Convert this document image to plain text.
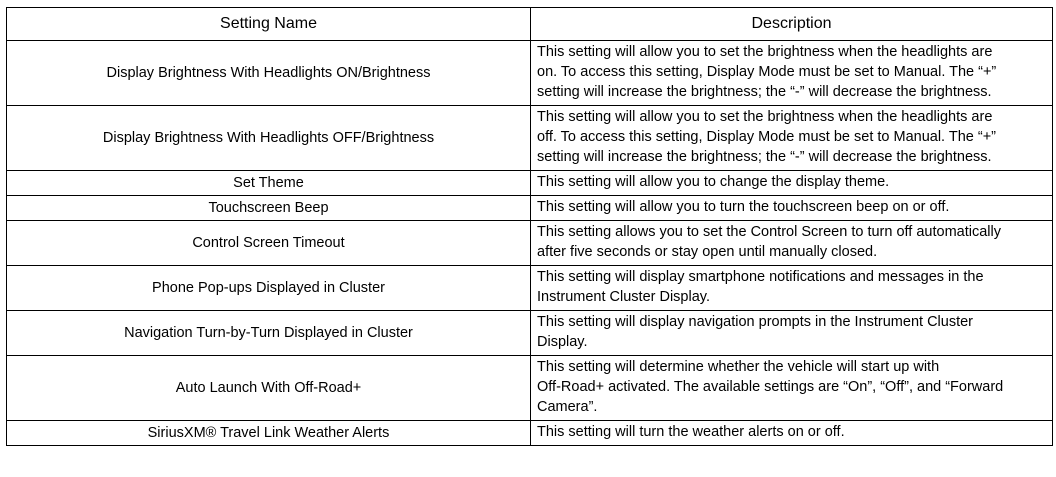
Setting Name	Description
Display Brightness With Headlights ON/Brightness	This setting will allow you to set the brightness when the headlights are
on. To access this setting, Display Mode must be set to Manual. The “+”
setting will increase the brightness; the “-” will decrease the brightness.

Display Brightness With Headlights OFF/Brightness	This setting will allow you to set the brightness when the headlights are
off. To access this setting, Display Mode must be set to Manual. The “+”
setting will increase the brightness; the “-” will decrease the brightness.

Set Theme	This setting will allow you to change the display theme.

Touchscreen Beep	This setting will allow you to turn the touchscreen beep on or off.

Control Screen Timeout	This setting allows you to set the Control Screen to turn off automatically
after five seconds or stay open until manually closed.

Phone Pop-ups Displayed in Cluster	This setting will display smartphone notifications and messages in the
Instrument Cluster Display.

Navigation Turn-by-Turn Displayed in Cluster	This setting will display navigation prompts in the Instrument Cluster
Display.

Auto Launch With Off-Road+	This setting will determine whether the vehicle will start up with
Off-Road+ activated. The available settings are “On”, “Off”, and “Forward
Camera”.

SiriusXM® Travel Link Weather Alerts	This setting will turn the weather alerts on or off.
